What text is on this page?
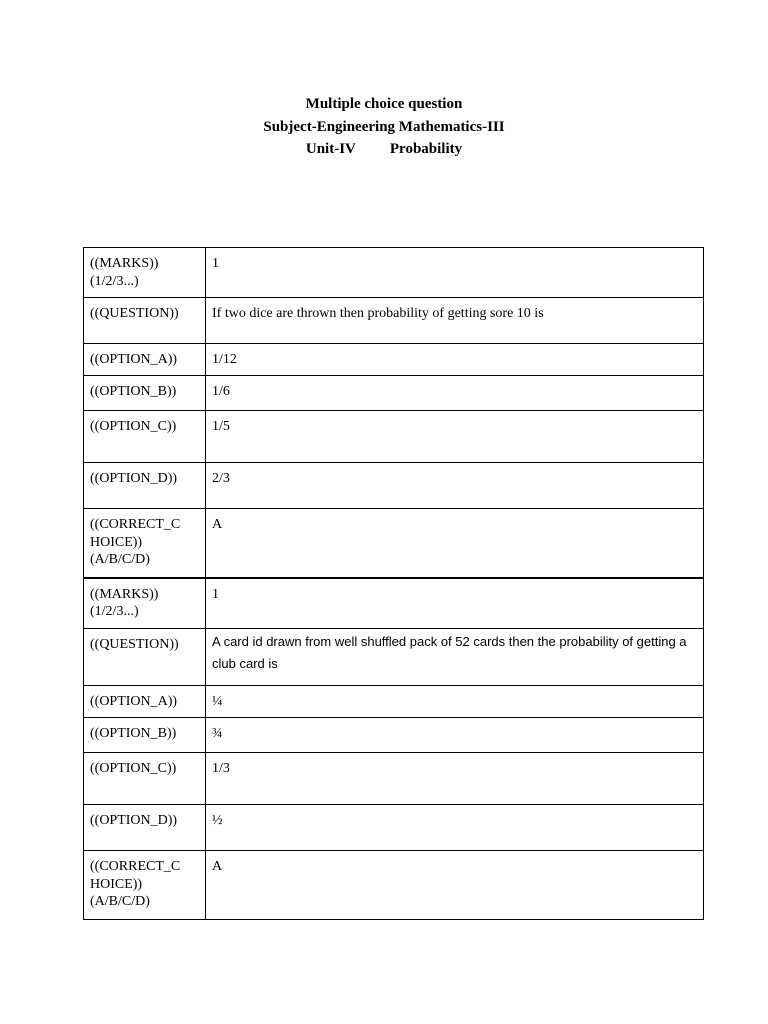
Multiple choice question
Subject-Engineering Mathematics-III
Unit-IV Probability
((MARKS))
(1/2/3...)	1
((QUESTION))	If two dice are thrown then probability of getting sore 10 is
((OPTION_A))	1/12
((OPTION_B))	1/6
((OPTION_C))	1/5
((OPTION_D))	2/3
((CORRECT_C
HOICE))
(A/B/C/D)	A
((MARKS))
(1/2/3...)	1
((QUESTION))	A card id drawn from well shuffled pack of 52 cards then the probability of getting a club card is
((OPTION_A))	¼
((OPTION_B))	¾
((OPTION_C))	1/3
((OPTION_D))	½
((CORRECT_C
HOICE))
(A/B/C/D)	A
